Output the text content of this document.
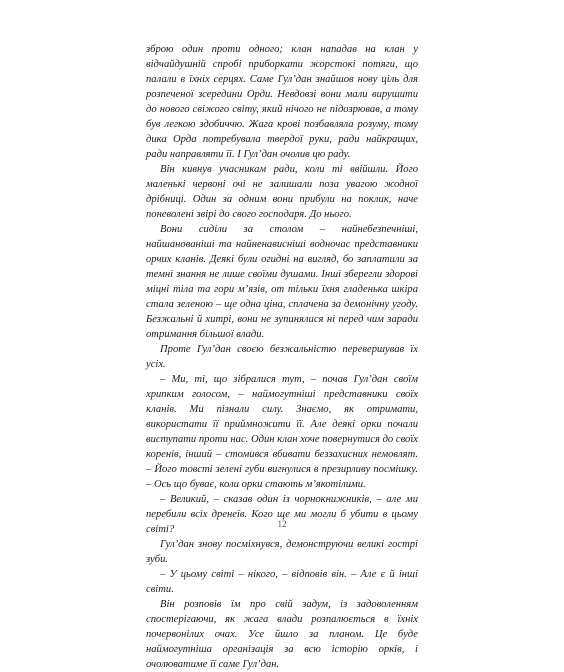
зброю один проти одного; клан нападав на клан у відчайдушній спробі приборкати жорстокі потяги, що палали в їхніх серцях. Саме Гул’дан знайшов нову ціль для розпеченої зсередини Орди. Невдовзі вони мали вирушити до нового свіжого світу, який нічого не підозрював, а тому був легкою здобиччю. Жага крові позбавляла розуму, тому дика Орда потребувала твердої руки, ради найкращих, ради направляти її. І Гул’дан очолив цю раду.

Він кивнув учасникам ради, коли ті ввійшли. Його маленькі червоні очі не залишали поза увагою жодної дрібниці. Один за одним вони прибули на поклик, наче поневолені звірі до свого господаря. До нього.

Вони сиділи за столом – найнебезпечніші, найшанованіші та найненависніші водночас представники орчих кланів. Деякі були огидні на вигляд, бо заплатили за темні знання не лише своїми душами. Інші зберегли здорові міцні тіла та гори м’язів, от тільки їхня гладенька шкіра стала зеленою – ще одна ціна, сплачена за демонічну угоду. Безжальні й хитрі, вони не зупинялися ні перед чим заради отримання більшої влади.

Проте Гул’дан своєю безжальністю перевершував їх усіх.

– Ми, ті, що зібралися тут, – почав Гул’дан своїм хрипким голосом, – наймогутніші представники своїх кланів. Ми пізнали силу. Знаємо, як отримати, використати її приймножити її. Але деякі орки почали виступати проти нас. Один клан хоче повернутися до своїх коренів, інший – стомився вбивати беззахисних немовлят. – Його товсті зелені губи вигнулися в презирливу посмішку. – Ось що буває, коли орки стають м’якотілими.

– Великий, – сказав один із чорнокнижників, – але ми перебили всіх дренеїв. Кого ще ми могли б убити в цьому світі?

Гул’дан знову посміхнувся, демонструючи великі гострі зуби.

– У цьому світі – нікого, – відповів він. – Але є й інші світи.

Він розповів їм про свій задум, із задоволенням спостерігаючи, як жага влади розпалюється в їхніх почервонілих очах. Усе йшло за планом. Це буде наймогутніша організація за всю історію орків, і очолюватиме її саме Гул’дан.

12
